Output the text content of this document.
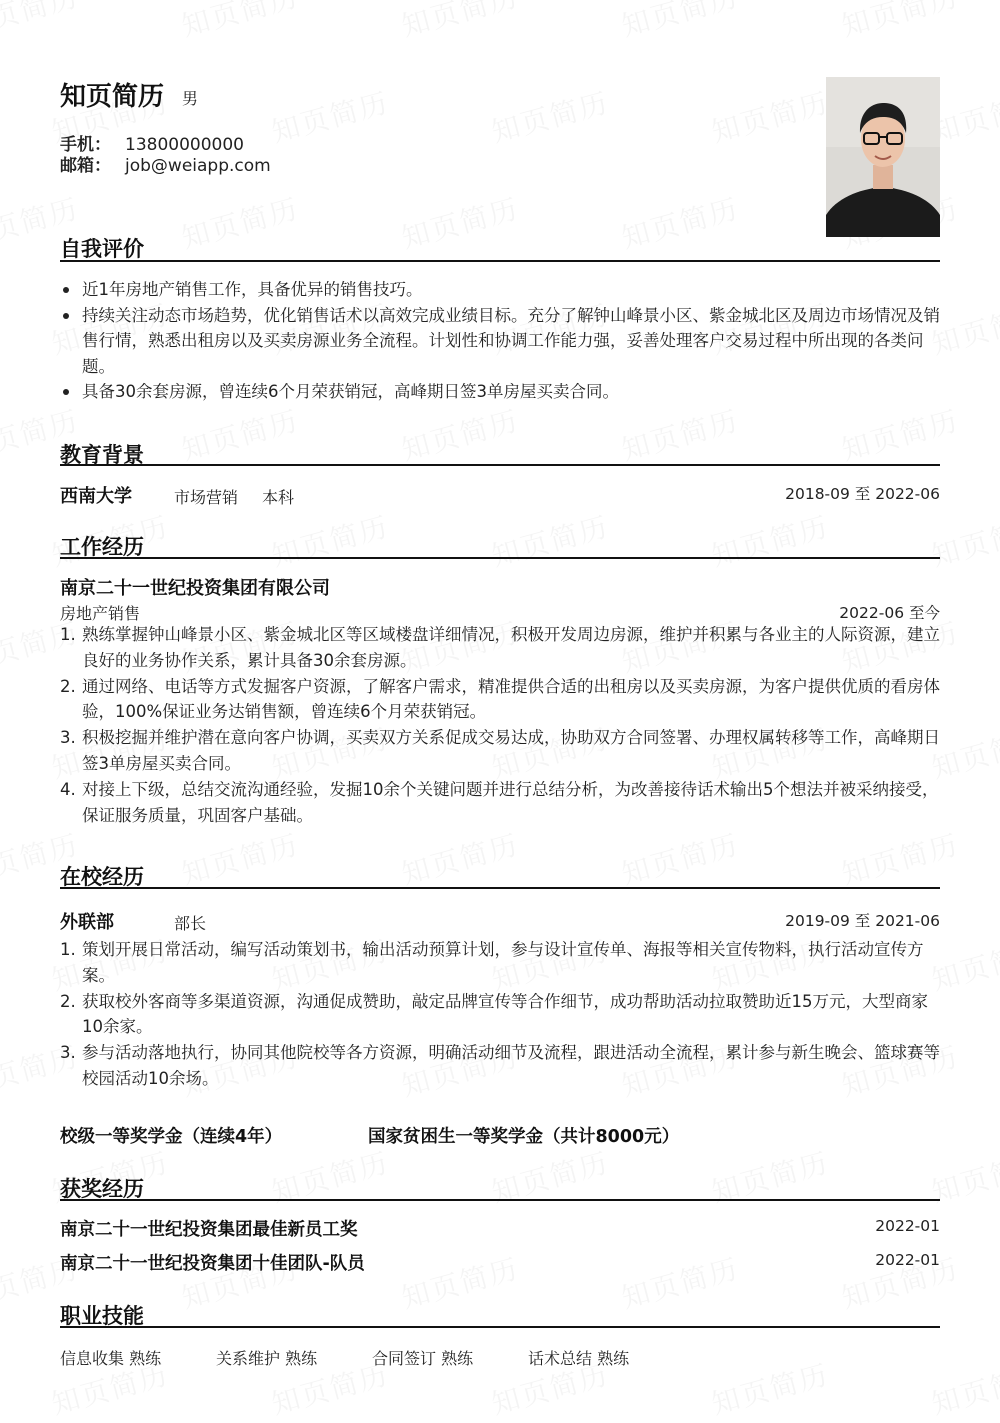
知页简历 男
手机： 13800000000
邮箱： job@weiapp.com
自我评价
近1年房地产销售工作，具备优异的销售技巧。
持续关注动态市场趋势，优化销售话术以高效完成业绩目标。充分了解钟山峰景小区、紫金城北区及周边市场情况及销售行情，熟悉出租房以及买卖房源业务全流程。计划性和协调工作能力强，妥善处理客户交易过程中所出现的各类问题。
具备30余套房源，曾连续6个月荣获销冠，高峰期日签3单房屋买卖合同。
教育背景
西南大学	市场营销 本科	2018-09 至 2022-06
工作经历
南京二十一世纪投资集团有限公司
房地产销售	2022-06 至今
1. 熟练掌握钟山峰景小区、紫金城北区等区域楼盘详细情况，积极开发周边房源，维护并积累与各业主的人际资源，建立良好的业务协作关系，累计具备30余套房源。
2. 通过网络、电话等方式发掘客户资源，了解客户需求，精准提供合适的出租房以及买卖房源，为客户提供优质的看房体验，100%保证业务达销售额，曾连续6个月荣获销冠。
3. 积极挖掘并维护潜在意向客户协调，买卖双方关系促成交易达成，协助双方合同签署、办理权属转移等工作，高峰期日签3单房屋买卖合同。
4. 对接上下级，总结交流沟通经验，发掘10余个关键问题并进行总结分析，为改善接待话术输出5个想法并被采纳接受，保证服务质量，巩固客户基础。
在校经历
外联部	部长	2019-09 至 2021-06
1. 策划开展日常活动，编写活动策划书，输出活动预算计划，参与设计宣传单、海报等相关宣传物料，执行活动宣传方案。
2. 获取校外客商等多渠道资源，沟通促成赞助，敲定品牌宣传等合作细节，成功帮助活动拉取赞助近15万元，大型商家10余家。
3. 参与活动落地执行，协同其他院校等各方资源，明确活动细节及流程，跟进活动全流程，累计参与新生晚会、篮球赛等校园活动10余场。
校级一等奖学金（连续4年）	国家贫困生一等奖学金（共计8000元）
获奖经历
南京二十一世纪投资集团最佳新员工奖	2022-01
南京二十一世纪投资集团十佳团队-队员	2022-01
职业技能
信息收集 熟练	关系维护 熟练	合同签订 熟练	话术总结 熟练
